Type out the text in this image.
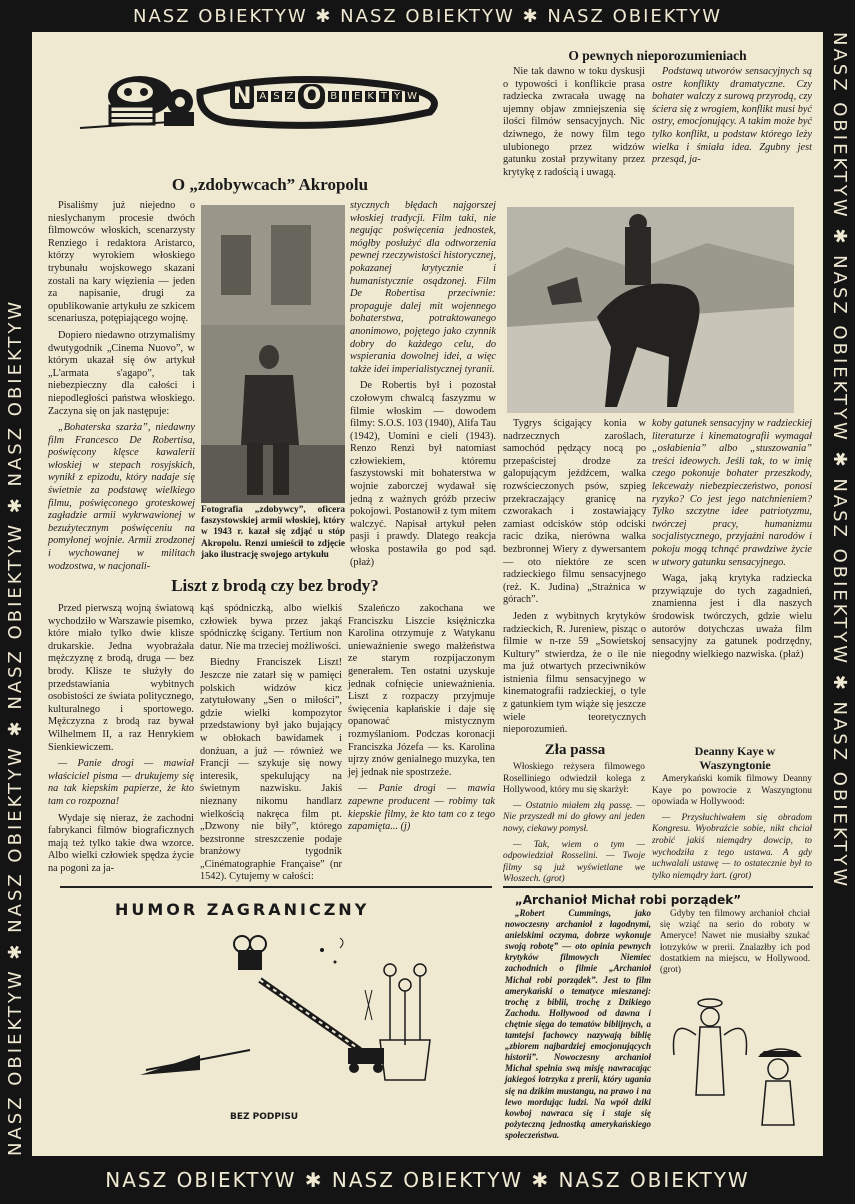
NASZ OBIEKTYW ✱ NASZ OBIEKTYW ✱ NASZ OBIEKTYW
NASZ OBIEKTYW ✱ NASZ OBIEKTYW ✱ NASZ OBIEKTYW ✱ NASZ OBIEKTYW	NASZ OBIEKTYW ✱ NASZ OBIEKTYW ✱ NASZ OBIEKTYW ✱ NASZ OBIEKTYW
NASZ OBIEKTYW ✱ NASZ OBIEKTYW ✱ NASZ OBIEKTYW
N A S Z O B I E K T Y W
O „zdobywcach” Akropolu

Pisaliśmy już niejedno o nieslychanym procesie dwóch filmowców włoskich, scenarzysty Renziego i redaktora Aristarco, którzy wyrokiem włoskiego trybunału wojskowego skazani zostali na kary więzienia — jeden za napisanie, drugi za opublikowanie artykułu ze szkicem scenariusza, potępiającego wojnę.

Dopiero niedawno otrzymaliśmy dwutygodnik „Cinema Nuovo”, w którym ukazał się ów artykuł „L'armata s'agapo”, tak niebezpieczny dla całości i niepodległości państwa włoskiego. Zaczyna się on jak następuje:

„Bohaterska szarża”, niedawny film Francesco De Robertisa, poświęcony klęsce kawalerii włoskiej w stepach rosyjskich, wynikł z epizodu, który nadaje się świetnie za podstawę wielkiego filmu, poświęconego groteskowej zagładzie armii wykrwawionej w bezużytecznym poświęceniu na pomyłonej wojnie. Armii zrodzonej i wychowanej w militach wodzostwa, w nacjonali-

Fotografia „zdobywcy”, oficera faszystowskiej armii włoskiej, który w 1943 r. kazał się zdjąć u stóp Akropolu. Renzi umieścił to zdjęcie jako ilustrację swojego artykułu

stycznych błędach najgorszej włoskiej tradycji. Film taki, nie negując poświęcenia jednostek, mógłby posłużyć dla odtworzenia pewnej rzeczywistości historycznej, pokazanej krytycznie i humanistycznie osądzonej. Film De Robertisa przeciwnie: propaguje dalej mit wojennego bohaterstwa, potraktowanego anonimowo, pojętego jako czynnik dobry do każdego celu, do wspierania dowolnej idei, a więc także idei imperialistycznej tyranii.

De Robertis był i pozostał czołowym chwalcą faszyzmu w filmie włoskim — dowodem filmy: S.O.S. 103 (1940), Alifa Tau (1942), Uomini e cieli (1943). Renzo Renzi był natomiast człowiekiem, któremu faszystowski mit bohaterstwa w wojnie zaborczej wydawał się jedną z ważnych gróźb przeciw pokojowi. Postanowił z tym mitem walczyć. Napisał artykuł pełen pasji i prawdy. Dlatego reakcja włoska postawiła go pod sąd. (płaż)

O pewnych nieporozumieniach

Nie tak dawno w toku dyskusji o typowości i konflikcie prasa radziecka zwracała uwagę na ujemny objaw zmniejszenia się ilości filmów sensacyjnych. Nic dziwnego, że nowy film tego ulubionego przez widzów gatunku został przywitany przez krytykę z radością i uwagą.

Podstawą utworów sensacyjnych są ostre konflikty dramatyczne. Czy bohater walczy z surową przyrodą, czy ściera się z wrogiem, konflikt musi być ostry, emocjonujący. A takim może być tylko konflikt, u podstaw którego leży wielka i śmiała idea. Zgubny jest przesąd, ja-

Tygrys ścigający konia w nadrzecznych zaroślach, samochód pędzący nocą po przepaścistej drodze za galopującym jeźdźcem, walka rozwścieczonych psów, szpieg przekraczający granicę na czworakach i zostawiający zamiast odcisków stóp odciski racic dzika, nierówna walka bezbronnej Wiery z dywersantem — oto niektóre ze scen radzieckiego filmu sensacyjnego (reż. K. Judina) „Strażnica w górach”.

Jeden z wybitnych krytyków radzieckich, R. Jureniew, pisząc o filmie w n-rze 59 „Sowietskoj Kultury” stwierdza, że o ile nie ma już otwartych przeciwników istnienia filmu sensacyjnego w kinematografii radzieckiej, o tyle z gatunkiem tym wiąże się jeszcze wiele teoretycznych nieporozumień.

koby gatunek sensacyjny w radzieckiej literaturze i kinematografii wymagał „osłabienia” albo „stuszowania” treści ideowych. Jeśli tak, to w imię czego pokonuje bohater przeszkody, lekceważy niebezpieczeństwo, ponosi ryzyko? Co jest jego natchnieniem? Tylko szczytne idee patriotyzmu, twórczej pracy, humanizmu socjalistycznego, przyjaźni narodów i pokoju mogą tchnąć prawdziwe życie w utwory gatunku sensacyjnego.

Waga, jaką krytyka radziecka przywiązuje do tych zagadnień, znamienna jest i dla naszych środowisk twórczych, gdzie wielu autorów dotychczas uważa film sensacyjny za gatunek podrzędny, niegodny wielkiego nazwiska. (płaż)

Liszt z brodą czy bez brody?

Przed pierwszą wojną światową wychodziło w Warszawie pisemko, które miało tylko dwie klisze drukarskie. Jedna wyobrażała mężczyznę z brodą, druga — bez brody. Klisze te służyły do przedstawiania wybitnych osobistości ze świata politycznego, kulturalnego i sportowego. Mężczyzna z brodą raz bywał Wilhelmem II, a raz Henrykiem Sienkiewiczem.

— Panie drogi — mawiał właściciel pisma — drukujemy się na tak kiepskim papierze, że kto tam co rozpozna!

Wydaje się nieraz, że zachodni fabrykanci filmów biograficznych mają też tylko takie dwa wzorce. Albo wielki człowiek spędza życie na pogoni za ja-

kąś spódniczką, albo wielkiś człowiek bywa przez jakąś spódniczkę ścigany. Tertium non datur. Nie ma trzeciej możliwości.

Biedny Franciszek Liszt! Jeszcze nie zatarł się w pamięci polskich widzów kicz zatytułowany „Sen o miłości”, gdzie wielki kompozytor przedstawiony był jako bujający w obłokach bawidamek i donżuan, a już — również we Francji — szykuje się nowy interesik, spekulujący na świetnym nazwisku. Jakiś nieznany nikomu handlarz wielkością nakręca film pt. „Dzwony nie biły”, którego bezstronne streszczenie podaje branżowy tygodnik „Cinématographie Française” (nr 1542). Cytujemy w całości:

Szaleńczo zakochana we Franciszku Liszcie księżniczka Karolina otrzymuje z Watykanu unieważnienie swego małżeństwa ze starym rozpijaczonym generałem. Ten ostatni uzyskuje jednak cofnięcie unieważnienia. Liszt z rozpaczy przyjmuje święcenia kapłańskie i daje się opanować mistycznym rozmyślaniom. Podczas koronacji Franciszka Józefa — ks. Karolina ujrzy znów genialnego muzyka, ten jej jednak nie spostrzeże.

— Panie drogi — mawia zapewne producent — robimy tak kiepskie filmy, że kto tam co z tego zapamięta... (j)

Zła passa

Włoskiego reżysera filmowego Roselliniego odwiedził kolega z Hollywood, który mu się skarżył:

— Ostatnio miałem złą passę. — Nie przyszedł mi do głowy ani jeden nowy, ciekawy pomysł.

— Tak, wiem o tym — odpowiedział Rosselini. — Twoje filmy są już wyświetlane we Włoszech. (grot)

Deanny Kaye w Waszyngtonie

Amerykański komik filmowy Deanny Kaye po powrocie z Waszyngtonu opowiada w Hollywood:

— Przysłuchiwałem się obradom Kongresu. Wyobraźcie sobie, nikt chciał zrobić jakiś niemądry dowcip, to wychodziła z tego ustawa. A gdy uchwalali ustawę — to ostatecznie był to tylko niemądry żart. (grot)

HUMOR ZAGRANICZNY
BEZ PODPISU
„Archanioł Michał robi porządek”

„Robert Cummings, jako nowoczesny archanioł z łagodnymi, anielskimi oczyma, dobrze wykonuje swoją robotę” — oto opinia pewnych krytyków filmowych Niemiec zachodnich o filmie „Archanioł Michał robi porządek”. Jest to film amerykański o tematyce mieszanej: trochę z biblii, trochę z Dzikiego Zachodu. Hollywood od dawna i chętnie sięga do tematów biblijnych, a tamtejsi fachowcy nazywają biblię „zbiorem najbardziej emocjonujących historii”. Nowoczesny archanioł Michał spełnia swą misję nawracając jakiegoś łotrzyka z prerii, który ugania się na dzikim mustangu, na prawo i na lewo mordując ludzi. Na wpół dziki kowboj nawraca się i staje się pożyteczną jednostką amerykańskiego społeczeństwa.

Gdyby ten filmowy archanioł chciał się wziąć na serio do roboty w Ameryce! Nawet nie musiałby szukać łotrzyków w prerii. Znalazłby ich pod dostatkiem na miejscu, w Hollywood. (grot)
